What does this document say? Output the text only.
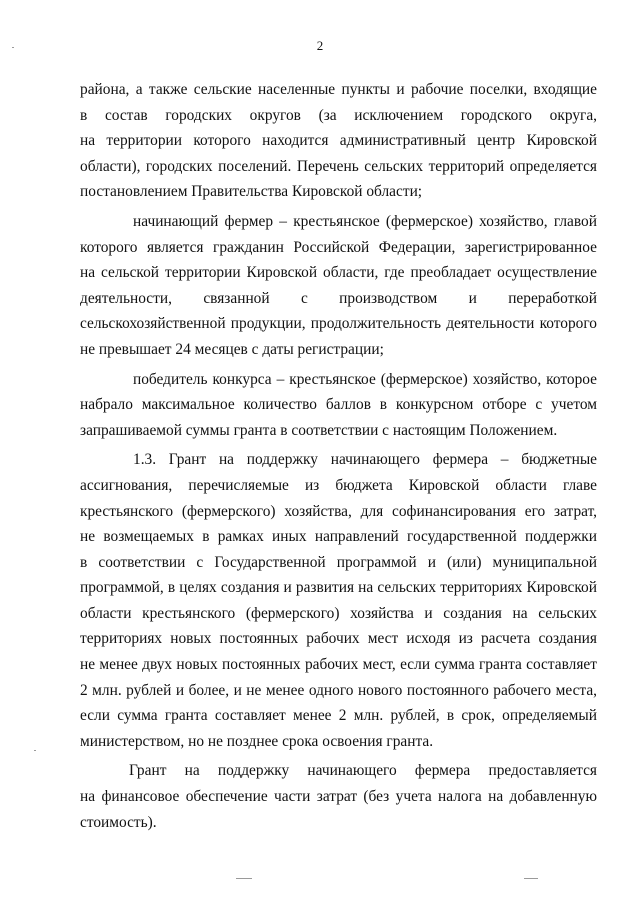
2
района, а также сельские населенные пункты и рабочие поселки, входящие
в состав городских округов (за исключением городского округа,
на территории которого находится административный центр Кировской
области), городских поселений. Перечень сельских территорий определяется
постановлением Правительства Кировской области;
начинающий фермер – крестьянское (фермерское) хозяйство, главой
которого является гражданин Российской Федерации, зарегистрированное
на сельской территории Кировской области, где преобладает осуществление
деятельности, связанной с производством и переработкой
сельскохозяйственной продукции, продолжительность деятельности которого
не превышает 24 месяцев с даты регистрации;
победитель конкурса – крестьянское (фермерское) хозяйство, которое
набрало максимальное количество баллов в конкурсном отборе с учетом
запрашиваемой суммы гранта в соответствии с настоящим Положением.
1.3. Грант на поддержку начинающего фермера – бюджетные
ассигнования, перечисляемые из бюджета Кировской области главе
крестьянского (фермерского) хозяйства, для софинансирования его затрат,
не возмещаемых в рамках иных направлений государственной поддержки
в соответствии с Государственной программой и (или) муниципальной
программой, в целях создания и развития на сельских территориях Кировской
области крестьянского (фермерского) хозяйства и создания на сельских
территориях новых постоянных рабочих мест исходя из расчета создания
не менее двух новых постоянных рабочих мест, если сумма гранта составляет
2 млн. рублей и более, и не менее одного нового постоянного рабочего места,
если сумма гранта составляет менее 2 млн. рублей, в срок, определяемый
министерством, но не позднее срока освоения гранта.
Грант на поддержку начинающего фермера предоставляется
на финансовое обеспечение части затрат (без учета налога на добавленную
стоимость).
